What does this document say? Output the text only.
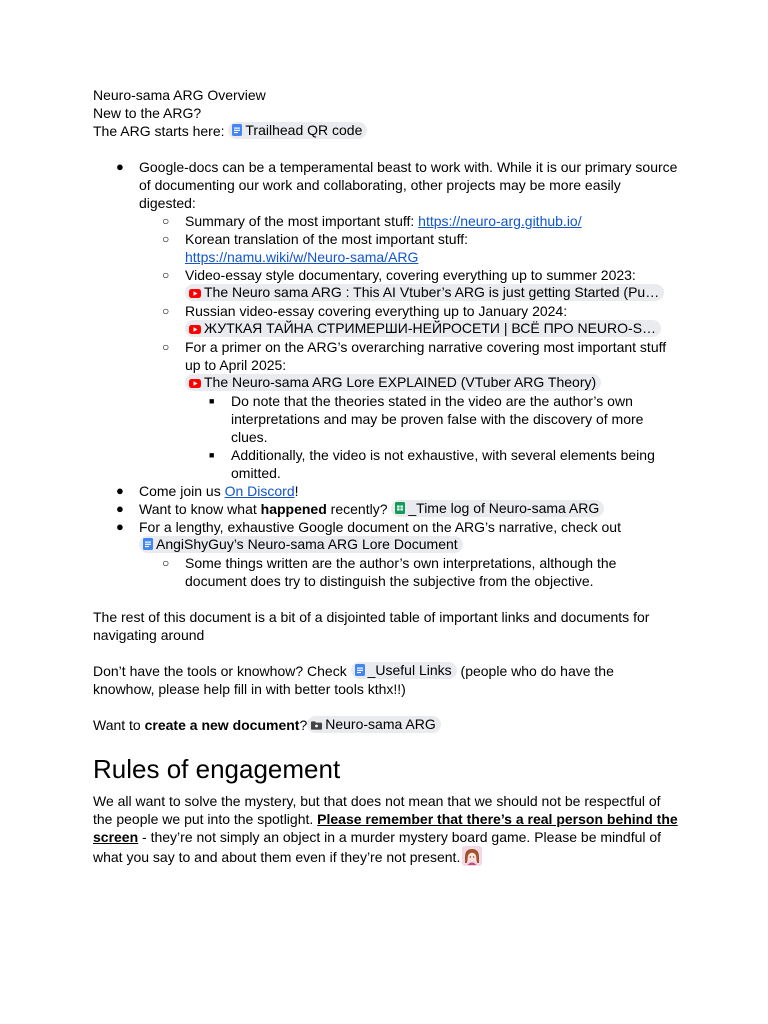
Neuro-sama ARG Overview

New to the ARG?

The ARG starts here: Trailhead QR code

● Google-docs can be a temperamental beast to work with. While it is our primary source of documenting our work and collaborating, other projects may be more easily digested:
○	Summary of the most important stuff: https://neuro-arg.github.io/
○	Korean translation of the most important stuff:
https://namu.wiki/w/Neuro-sama/ARG
○	Video-essay style documentary, covering everything up to summer 2023:
The Neuro sama ARG : This AI Vtuber’s ARG is just getting Started (Pu…
○	Russian video-essay covering everything up to January 2024:
ЖУТКАЯ ТАЙНА СТРИМЕРШИ-НЕЙРОСЕТИ | ВСЁ ПРО NEURO-S…
○	For a primer on the ARG’s overarching narrative covering most important stuff up to April 2025:
The Neuro-sama ARG Lore EXPLAINED (VTuber ARG Theory)
■	Do note that the theories stated in the video are the author’s own interpretations and may be proven false with the discovery of more clues.
■	Additionally, the video is not exhaustive, with several elements being omitted.
● Come join us On Discord!
● Want to know what happened recently? _Time log of Neuro-sama ARG
● For a lengthy, exhaustive Google document on the ARG’s narrative, check out
AngiShyGuy’s Neuro-sama ARG Lore Document
○	Some things written are the author’s own interpretations, although the document does try to distinguish the subjective from the objective.

The rest of this document is a bit of a disjointed table of important links and documents for navigating around

Don’t have the tools or knowhow? Check _Useful Links (people who do have the knowhow, please help fill in with better tools kthx!!)

Want to create a new document? Neuro-sama ARG

Rules of engagement

We all want to solve the mystery, but that does not mean that we should not be respectful of the people we put into the spotlight. Please remember that there’s a real person behind the screen - they’re not simply an object in a murder mystery board game. Please be mindful of what you say to and about them even if they’re not present.
